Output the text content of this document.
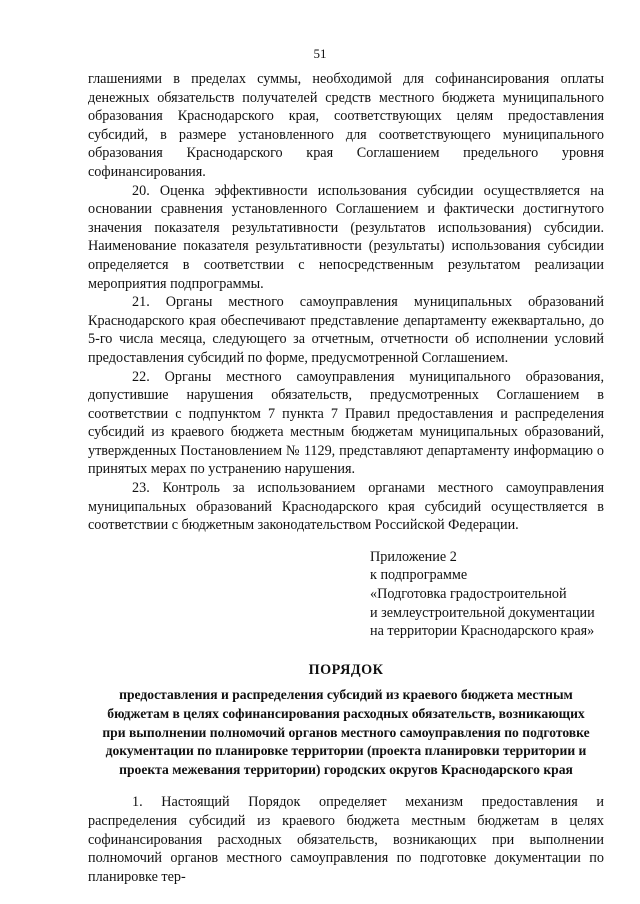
51

глашениями в пределах суммы, необходимой для софинансирования оплаты денежных обязательств получателей средств местного бюджета муниципального образования Краснодарского края, соответствующих целям предоставления субсидий, в размере установленного для соответствующего муниципального образования Краснодарского края Соглашением предельного уровня софинансирования.

20. Оценка эффективности использования субсидии осуществляется на основании сравнения установленного Соглашением и фактически достигнутого значения показателя результативности (результатов использования) субсидии. Наименование показателя результативности (результаты) использования субсидии определяется в соответствии с непосредственным результатом реализации мероприятия подпрограммы.

21. Органы местного самоуправления муниципальных образований Краснодарского края обеспечивают представление департаменту ежеквартально, до 5-го числа месяца, следующего за отчетным, отчетности об исполнении условий предоставления субсидий по форме, предусмотренной Соглашением.

22. Органы местного самоуправления муниципального образования, допустившие нарушения обязательств, предусмотренных Соглашением в соответствии с подпунктом 7 пункта 7 Правил предоставления и распределения субсидий из краевого бюджета местным бюджетам муниципальных образований, утвержденных Постановлением № 1129, представляют департаменту информацию о принятых мерах по устранению нарушения.

23. Контроль за использованием органами местного самоуправления муниципальных образований Краснодарского края субсидий осуществляется в соответствии с бюджетным законодательством Российской Федерации.

Приложение 2
к подпрограмме
«Подготовка градостроительной
и землеустроительной документации
на территории Краснодарского края»
ПОРЯДОК
предоставления и распределения субсидий из краевого бюджета местным бюджетам в целях софинансирования расходных обязательств, возникающих при выполнении полномочий органов местного самоуправления по подготовке документации по планировке территории (проекта планировки территории и проекта межевания территории) городских округов Краснодарского края

1. Настоящий Порядок определяет механизм предоставления и распределения субсидий из краевого бюджета местным бюджетам в целях софинансирования расходных обязательств, возникающих при выполнении полномочий органов местного самоуправления по подготовке документации по планировке тер-
